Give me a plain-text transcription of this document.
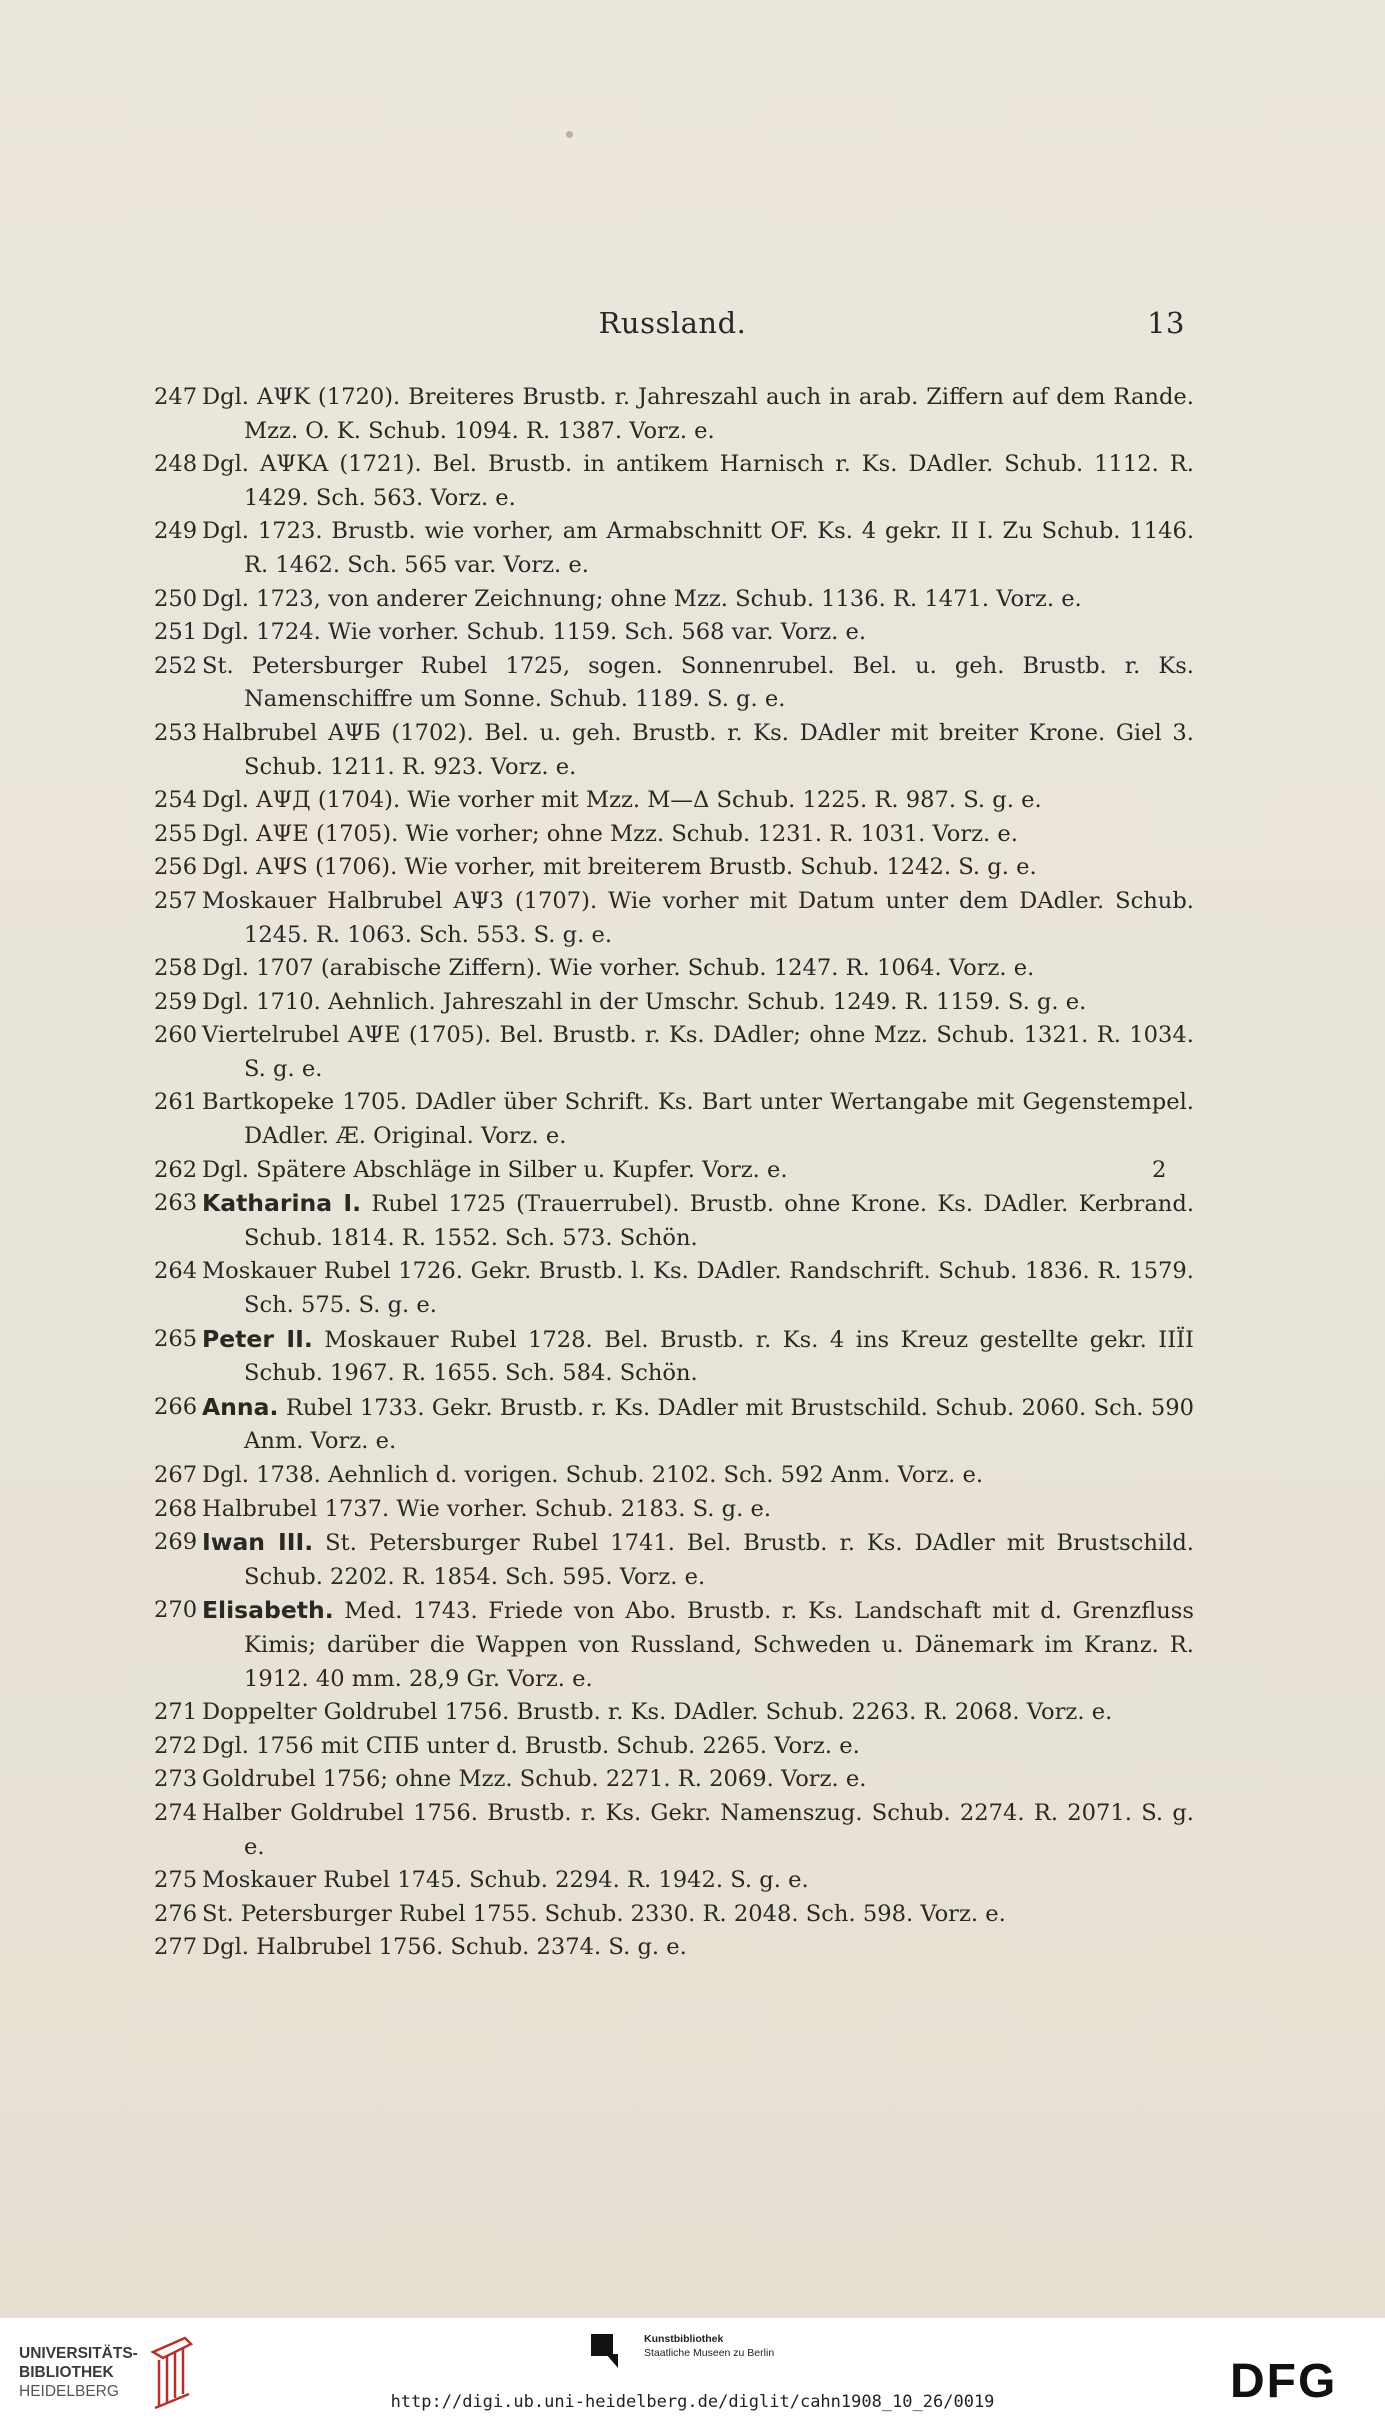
Russland.	13
247 Dgl. AΨK (1720). Breiteres Brustb. r. Jahreszahl auch in arab. Ziffern auf dem Rande. Mzz. O. K. Schub. 1094. R. 1387. Vorz. e.
248 Dgl. AΨKA (1721). Bel. Brustb. in antikem Harnisch r. Ks. DAdler. Schub. 1112. R. 1429. Sch. 563. Vorz. e.
249 Dgl. 1723. Brustb. wie vorher, am Armabschnitt OF. Ks. 4 gekr. II I. Zu Schub. 1146. R. 1462. Sch. 565 var. Vorz. e.
250 Dgl. 1723, von anderer Zeichnung; ohne Mzz. Schub. 1136. R. 1471. Vorz. e.
251 Dgl. 1724. Wie vorher. Schub. 1159. Sch. 568 var. Vorz. e.
252 St. Petersburger Rubel 1725, sogen. Sonnenrubel. Bel. u. geh. Brustb. r. Ks. Namenschiffre um Sonne. Schub. 1189. S. g. e.
253 Halbrubel AΨБ (1702). Bel. u. geh. Brustb. r. Ks. DAdler mit breiter Krone. Giel 3. Schub. 1211. R. 923. Vorz. e.
254 Dgl. AΨД (1704). Wie vorher mit Mzz. M—Δ Schub. 1225. R. 987. S. g. e.
255 Dgl. AΨE (1705). Wie vorher; ohne Mzz. Schub. 1231. R. 1031. Vorz. e.
256 Dgl. AΨS (1706). Wie vorher, mit breiterem Brustb. Schub. 1242. S. g. e.
257 Moskauer Halbrubel AΨ3 (1707). Wie vorher mit Datum unter dem DAdler. Schub. 1245. R. 1063. Sch. 553. S. g. e.
258 Dgl. 1707 (arabische Ziffern). Wie vorher. Schub. 1247. R. 1064. Vorz. e.
259 Dgl. 1710. Aehnlich. Jahreszahl in der Umschr. Schub. 1249. R. 1159. S. g. e.
260 Viertelrubel AΨE (1705). Bel. Brustb. r. Ks. DAdler; ohne Mzz. Schub. 1321. R. 1034. S. g. e.
261 Bartkopeke 1705. DAdler über Schrift. Ks. Bart unter Wertangabe mit Gegenstempel. DAdler. Æ. Original. Vorz. e.
262 Dgl. Spätere Abschläge in Silber u. Kupfer. Vorz. e.	2
263 Katharina I. Rubel 1725 (Trauerrubel). Brustb. ohne Krone. Ks. DAdler. Kerbrand. Schub. 1814. R. 1552. Sch. 573. Schön.
264 Moskauer Rubel 1726. Gekr. Brustb. l. Ks. DAdler. Randschrift. Schub. 1836. R. 1579. Sch. 575. S. g. e.
265 Peter II. Moskauer Rubel 1728. Bel. Brustb. r. Ks. 4 ins Kreuz gestellte gekr. IIЇI Schub. 1967. R. 1655. Sch. 584. Schön.
266 Anna. Rubel 1733. Gekr. Brustb. r. Ks. DAdler mit Brustschild. Schub. 2060. Sch. 590 Anm. Vorz. e.
267 Dgl. 1738. Aehnlich d. vorigen. Schub. 2102. Sch. 592 Anm. Vorz. e.
268 Halbrubel 1737. Wie vorher. Schub. 2183. S. g. e.
269 Iwan III. St. Petersburger Rubel 1741. Bel. Brustb. r. Ks. DAdler mit Brustschild. Schub. 2202. R. 1854. Sch. 595. Vorz. e.
270 Elisabeth. Med. 1743. Friede von Abo. Brustb. r. Ks. Landschaft mit d. Grenzfluss Kimis; darüber die Wappen von Russland, Schweden u. Dänemark im Kranz. R. 1912. 40 mm. 28,9 Gr. Vorz. e.
271 Doppelter Goldrubel 1756. Brustb. r. Ks. DAdler. Schub. 2263. R. 2068. Vorz. e.
272 Dgl. 1756 mit СПБ unter d. Brustb. Schub. 2265. Vorz. e.
273 Goldrubel 1756; ohne Mzz. Schub. 2271. R. 2069. Vorz. e.
274 Halber Goldrubel 1756. Brustb. r. Ks. Gekr. Namenszug. Schub. 2274. R. 2071. S. g. e.
275 Moskauer Rubel 1745. Schub. 2294. R. 1942. S. g. e.
276 St. Petersburger Rubel 1755. Schub. 2330. R. 2048. Sch. 598. Vorz. e.
277 Dgl. Halbrubel 1756. Schub. 2374. S. g. e.
UNIVERSITÄTS-
BIBLIOTHEK
HEIDELBERG
Kunstbibliothek
Staatliche Museen zu Berlin
DFG
http://digi.ub.uni-heidelberg.de/diglit/cahn1908_10_26/0019
